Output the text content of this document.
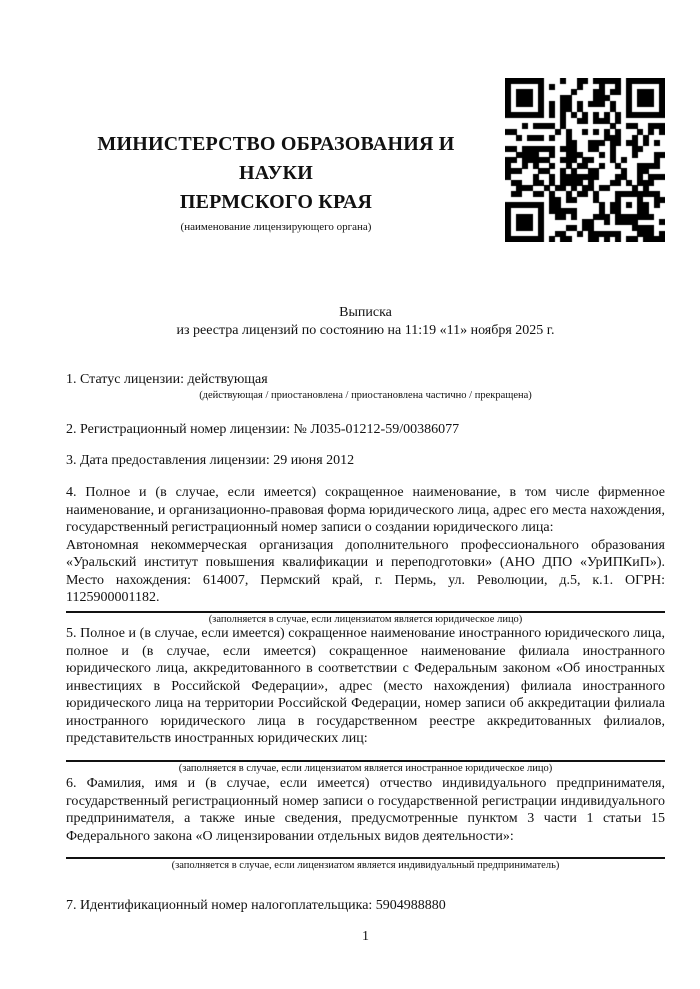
МИНИСТЕРСТВО ОБРАЗОВАНИЯ И НАУКИ
ПЕРМСКОГО КРАЯ
(наименование лицензирующего органа)

Выписка

из реестра лицензий по состоянию на 11:19 «11» ноября 2025 г.

1. Статус лицензии: действующая

(действующая / приостановлена / приостановлена частично / прекращена)

2. Регистрационный номер лицензии: № Л035-01212-59/00386077

3. Дата предоставления лицензии: 29 июня 2012

4. Полное и (в случае, если имеется) сокращенное наименование, в том числе фирменное наименование, и организационно-правовая форма юридического лица, адрес его места нахождения, государственный регистрационный номер записи о создании юридического лица:

Автономная некоммерческая организация дополнительного профессионального образования «Уральский институт повышения квалификации и переподготовки» (АНО ДПО «УрИПКиП»). Место нахождения: 614007, Пермский край, г. Пермь, ул. Революции, д.5, к.1. ОГРН: 1125900001182.

(заполняется в случае, если лицензиатом является юридическое лицо)

5. Полное и (в случае, если имеется) сокращенное наименование иностранного юридического лица, полное и (в случае, если имеется) сокращенное наименование филиала иностранного юридического лица, аккредитованного в соответствии с Федеральным законом «Об иностранных инвестициях в Российской Федерации», адрес (место нахождения) филиала иностранного юридического лица на территории Российской Федерации, номер записи об аккредитации филиала иностранного юридического лица в государственном реестре аккредитованных филиалов, представительств иностранных юридических лиц:

(заполняется в случае, если лицензиатом является иностранное юридическое лицо)

6. Фамилия, имя и (в случае, если имеется) отчество индивидуального предпринимателя, государственный регистрационный номер записи о государственной регистрации индивидуального предпринимателя, а также иные сведения, предусмотренные пунктом 3 части 1 статьи 15 Федерального закона «О лицензировании отдельных видов деятельности»:

(заполняется в случае, если лицензиатом является индивидуальный предприниматель)

7. Идентификационный номер налогоплательщика: 5904988880

1
